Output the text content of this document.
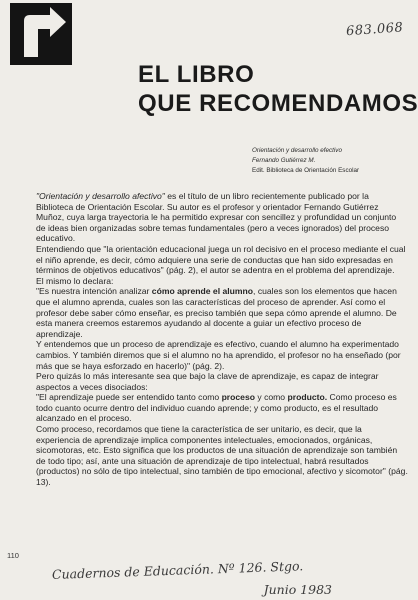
683.068
EL LIBRO
QUE RECOMENDAMOS
Orientación y desarrollo efectivo
Fernando Gutiérrez M.
Edit. Biblioteca de Orientación Escolar

"Orientación y desarrollo afectivo" es el título de un libro recientemente publicado por la Biblioteca de Orientación Escolar. Su autor es el profesor y orientador Fernando Gutiérrez Muñoz, cuya larga trayectoria le ha permitido expresar con sencillez y profundidad un conjunto de ideas bien organizadas sobre temas fundamentales (pero a veces ignorados) del proceso educativo.

Entendiendo que "la orientación educacional juega un rol decisivo en el proceso mediante el cual el niño aprende, es decir, cómo adquiere una serie de conductas que han sido expresadas en términos de objetivos educativos" (pág. 2), el autor se adentra en el problema del aprendizaje.

El mismo lo declara:

"Es nuestra intención analizar cómo aprende el alumno, cuales son los elementos que hacen que el alumno aprenda, cuales son las características del proceso de aprender. Así como el profesor debe saber cómo enseñar, es preciso también que sepa cómo aprende el alumno. De esta manera creemos estaremos ayudando al docente a guiar un efectivo proceso de aprendizaje.

Y entendemos que un proceso de aprendizaje es efectivo, cuando el alumno ha experimentado cambios. Y también diremos que si el alumno no ha aprendido, el profesor no ha enseñado (por más que se haya esforzado en hacerlo)" (pág. 2).

Pero quizás lo más interesante sea que bajo la clave de aprendizaje, es capaz de integrar aspectos a veces disociados:

"El aprendizaje puede ser entendido tanto como proceso y como producto. Como proceso es todo cuanto ocurre dentro del individuo cuando aprende; y como producto, es el resultado alcanzado en el proceso.

Como proceso, recordamos que tiene la característica de ser unitario, es decir, que la experiencia de aprendizaje implica componentes intelectuales, emocionados, orgánicas, sicomotoras, etc. Esto significa que los productos de una situación de aprendizaje son también de todo tipo; así, ante una situación de aprendizaje de tipo intelectual, habrá resultados (productos) no sólo de tipo intelectual, sino también de tipo emocional, afectivo y sicomotor" (pág. 13).

110
Cuadernos de Educación. Nº 126. Stgo.
Junio 1983
